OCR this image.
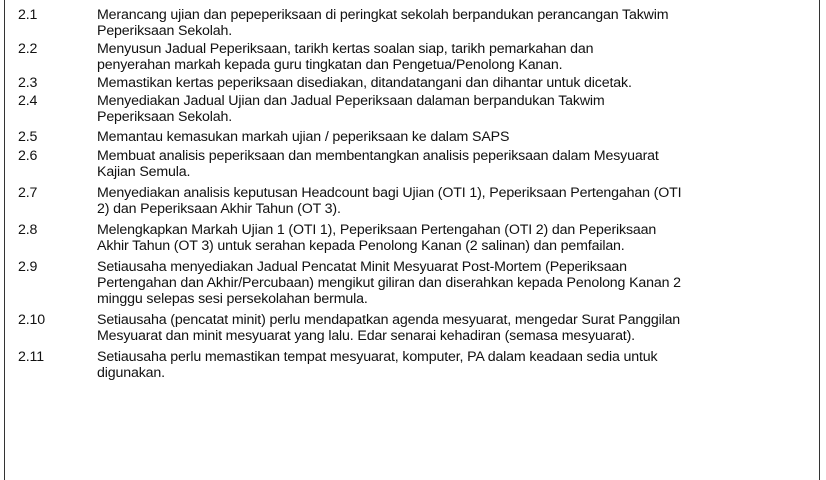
2.1	Merancang ujian dan pepeperiksaan di peringkat sekolah berpandukan perancangan Takwim
Peperiksaan Sekolah.
2.2	Menyusun Jadual Peperiksaan, tarikh kertas soalan siap, tarikh pemarkahan dan
penyerahan markah kepada guru tingkatan dan Pengetua/Penolong Kanan.
2.3	Memastikan kertas peperiksaan disediakan, ditandatangani dan dihantar untuk dicetak.
2.4	Menyediakan Jadual Ujian dan Jadual Peperiksaan dalaman berpandukan Takwim
Peperiksaan Sekolah.
2.5	Memantau kemasukan markah ujian / peperiksaan ke dalam SAPS
2.6	Membuat analisis peperiksaan dan membentangkan analisis peperiksaan dalam Mesyuarat
Kajian Semula.
2.7	Menyediakan analisis keputusan Headcount bagi Ujian (OTI 1), Peperiksaan Pertengahan (OTI
2) dan Peperiksaan Akhir Tahun (OT 3).
2.8	Melengkapkan Markah Ujian 1 (OTI 1), Peperiksaan Pertengahan (OTI 2) dan Peperiksaan
Akhir Tahun (OT 3) untuk serahan kepada Penolong Kanan (2 salinan) dan pemfailan.
2.9	Setiausaha menyediakan Jadual Pencatat Minit Mesyuarat Post-Mortem (Peperiksaan
Pertengahan dan Akhir/Percubaan) mengikut giliran dan diserahkan kepada Penolong Kanan 2
minggu selepas sesi persekolahan bermula.
2.10	Setiausaha (pencatat minit) perlu mendapatkan agenda mesyuarat, mengedar Surat Panggilan
Mesyuarat dan minit mesyuarat yang lalu. Edar senarai kehadiran (semasa mesyuarat).
2.11	Setiausaha perlu memastikan tempat mesyuarat, komputer, PA dalam keadaan sedia untuk
digunakan.
